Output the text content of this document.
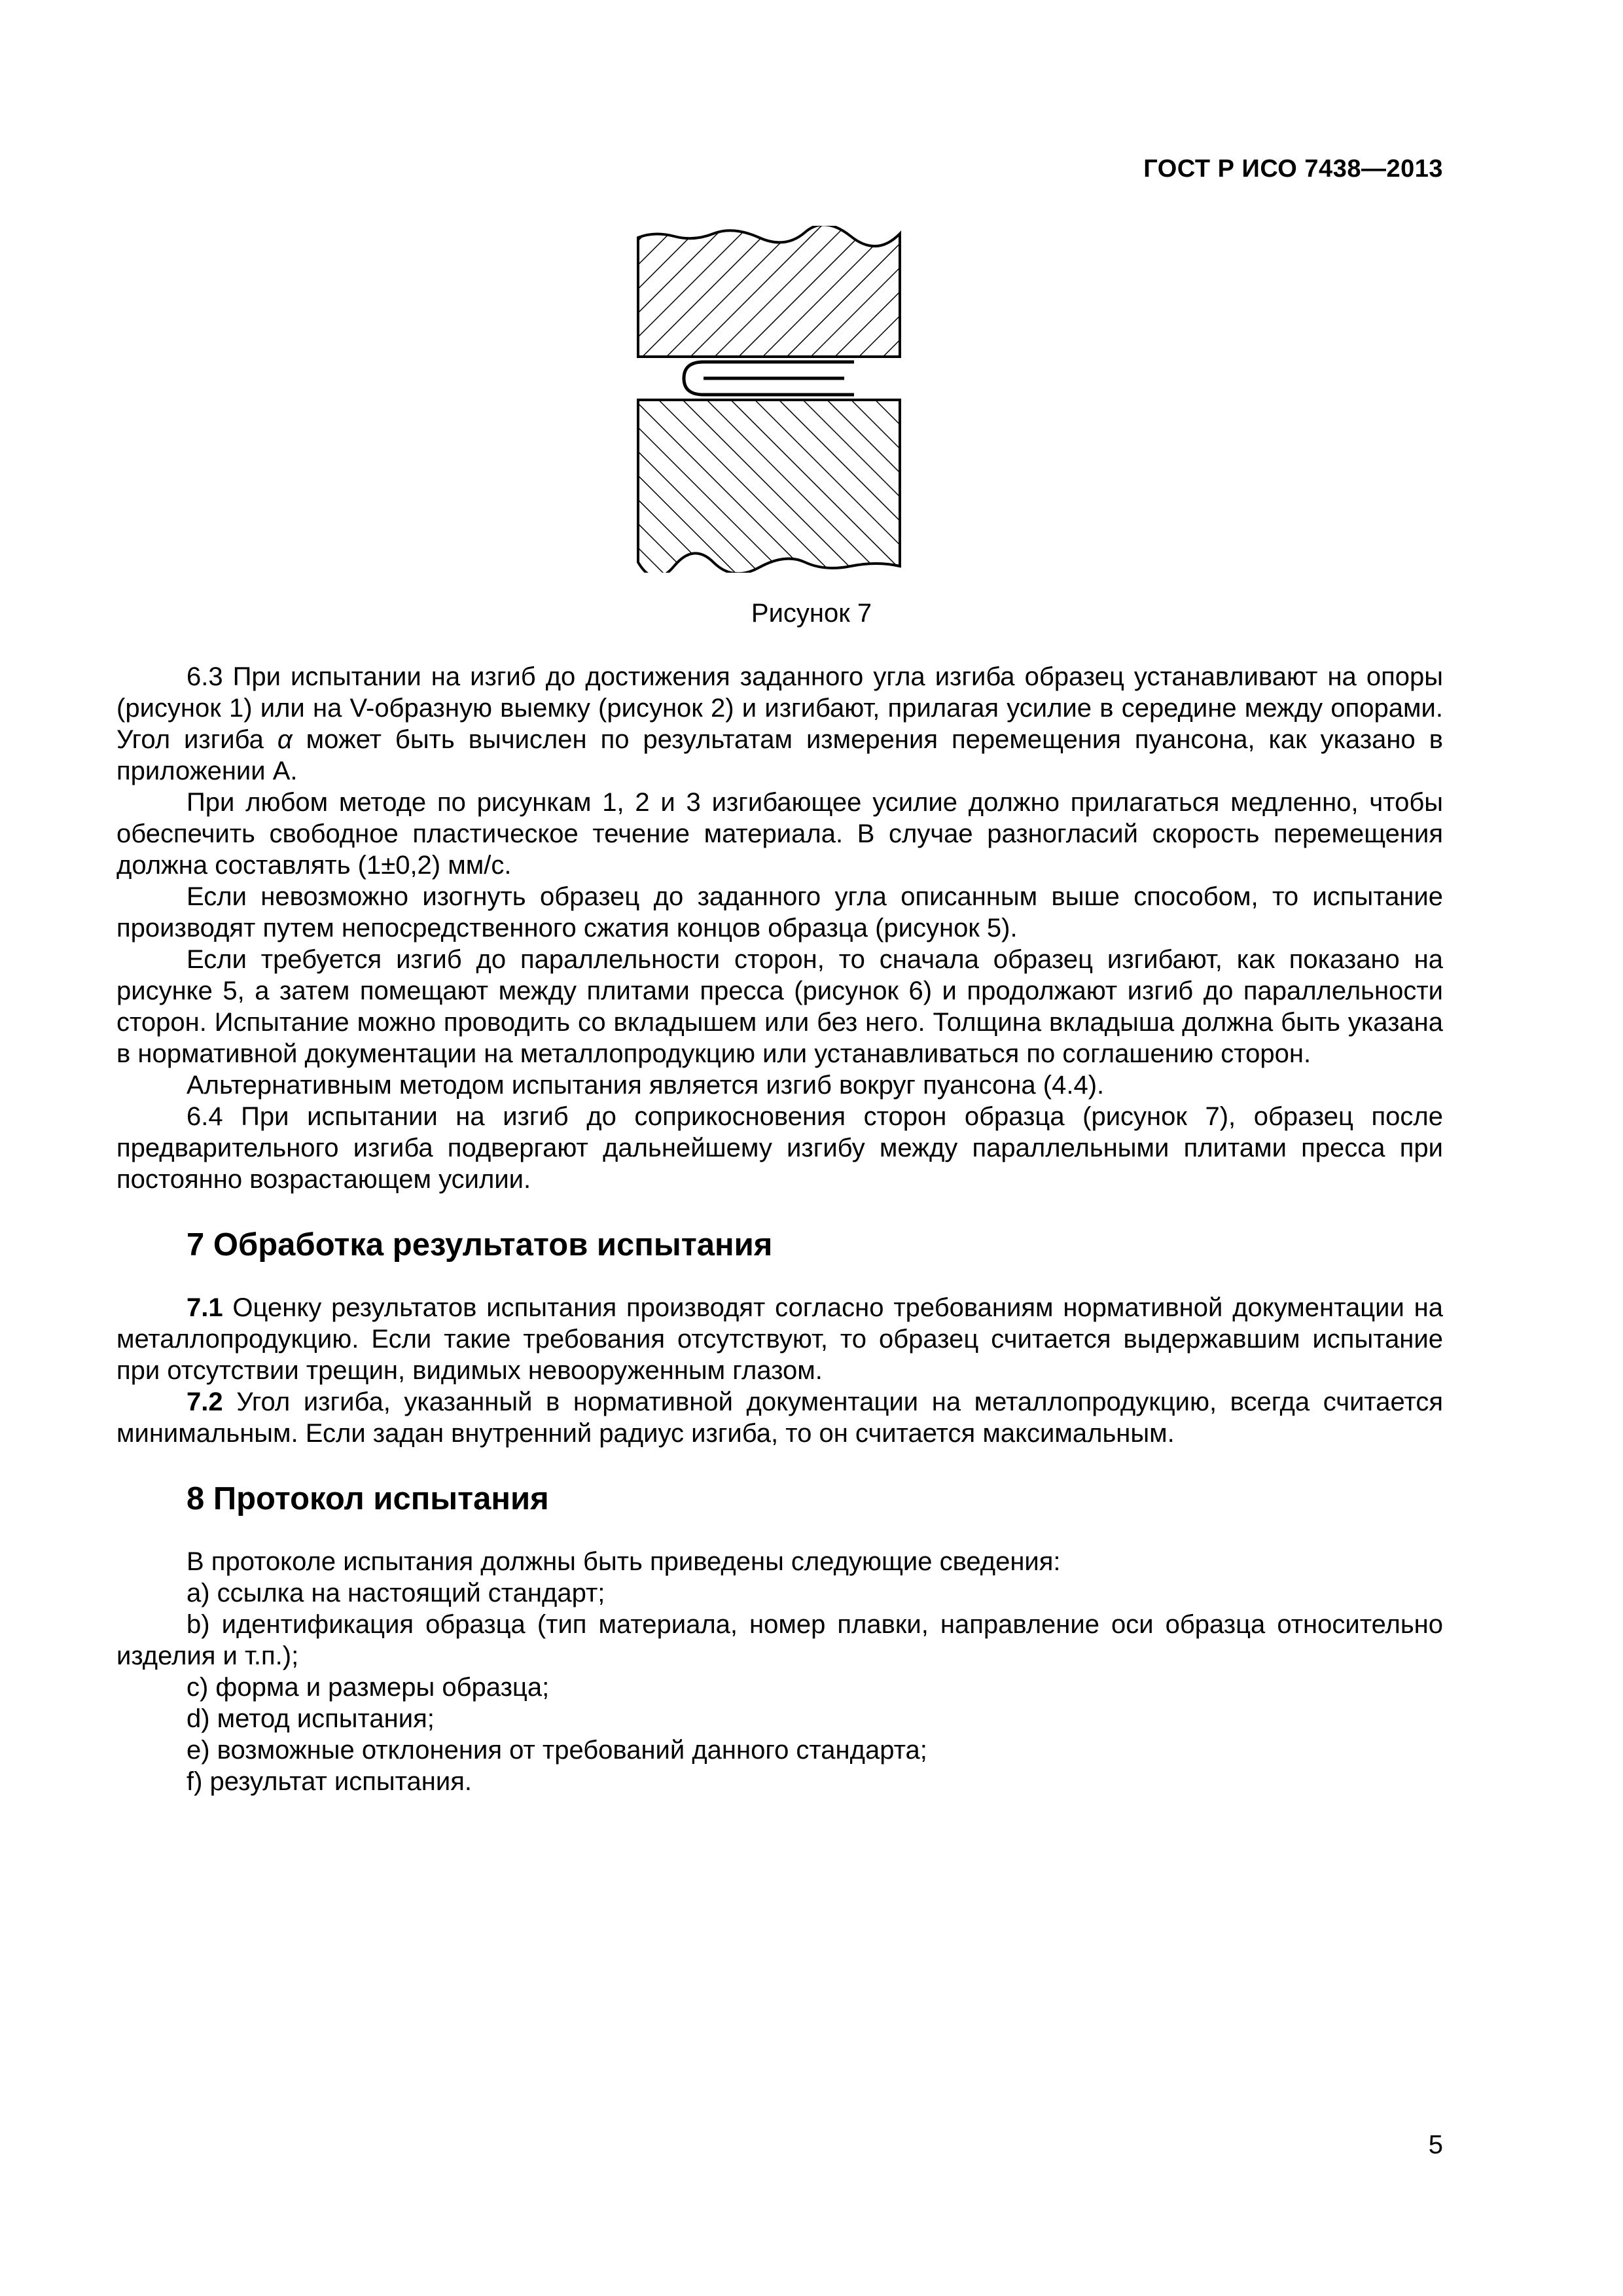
ГОСТ Р ИСО 7438—2013
Рисунок 7

6.3 При испытании на изгиб до достижения заданного угла изгиба образец устанавливают на опоры (рисунок 1) или на V-образную выемку (рисунок 2) и изгибают, прилагая усилие в середине между опорами. Угол изгиба α может быть вычислен по результатам измерения перемещения пуансона, как указано в приложении А.

При любом методе по рисункам 1, 2 и 3 изгибающее усилие должно прилагаться медленно, чтобы обеспечить свободное пластическое течение материала. В случае разногласий скорость перемещения должна составлять (1±0,2) мм/с.

Если невозможно изогнуть образец до заданного угла описанным выше способом, то испытание производят путем непосредственного сжатия концов образца (рисунок 5).

Если требуется изгиб до параллельности сторон, то сначала образец изгибают, как показано на рисунке 5, а затем помещают между плитами пресса (рисунок 6) и продолжают изгиб до параллельности сторон. Испытание можно проводить со вкладышем или без него. Толщина вкладыша должна быть указана в нормативной документации на металлопродукцию или устанавливаться по соглашению сторон.

Альтернативным методом испытания является изгиб вокруг пуансона (4.4).

6.4 При испытании на изгиб до соприкосновения сторон образца (рисунок 7), образец после предварительного изгиба подвергают дальнейшему изгибу между параллельными плитами пресса при постоянно возрастающем усилии.

7 Обработка результатов испытания

7.1 Оценку результатов испытания производят согласно требованиям нормативной документации на металлопродукцию. Если такие требования отсутствуют, то образец считается выдержавшим испытание при отсутствии трещин, видимых невооруженным глазом.

7.2 Угол изгиба, указанный в нормативной документации на металлопродукцию, всегда считается минимальным. Если задан внутренний радиус изгиба, то он считается максимальным.

8 Протокол испытания

В протоколе испытания должны быть приведены следующие сведения:

a) ссылка на настоящий стандарт;

b) идентификация образца (тип материала, номер плавки, направление оси образца относительно изделия и т.п.);

c) форма и размеры образца;

d) метод испытания;

e) возможные отклонения от требований данного стандарта;

f) результат испытания.

5
